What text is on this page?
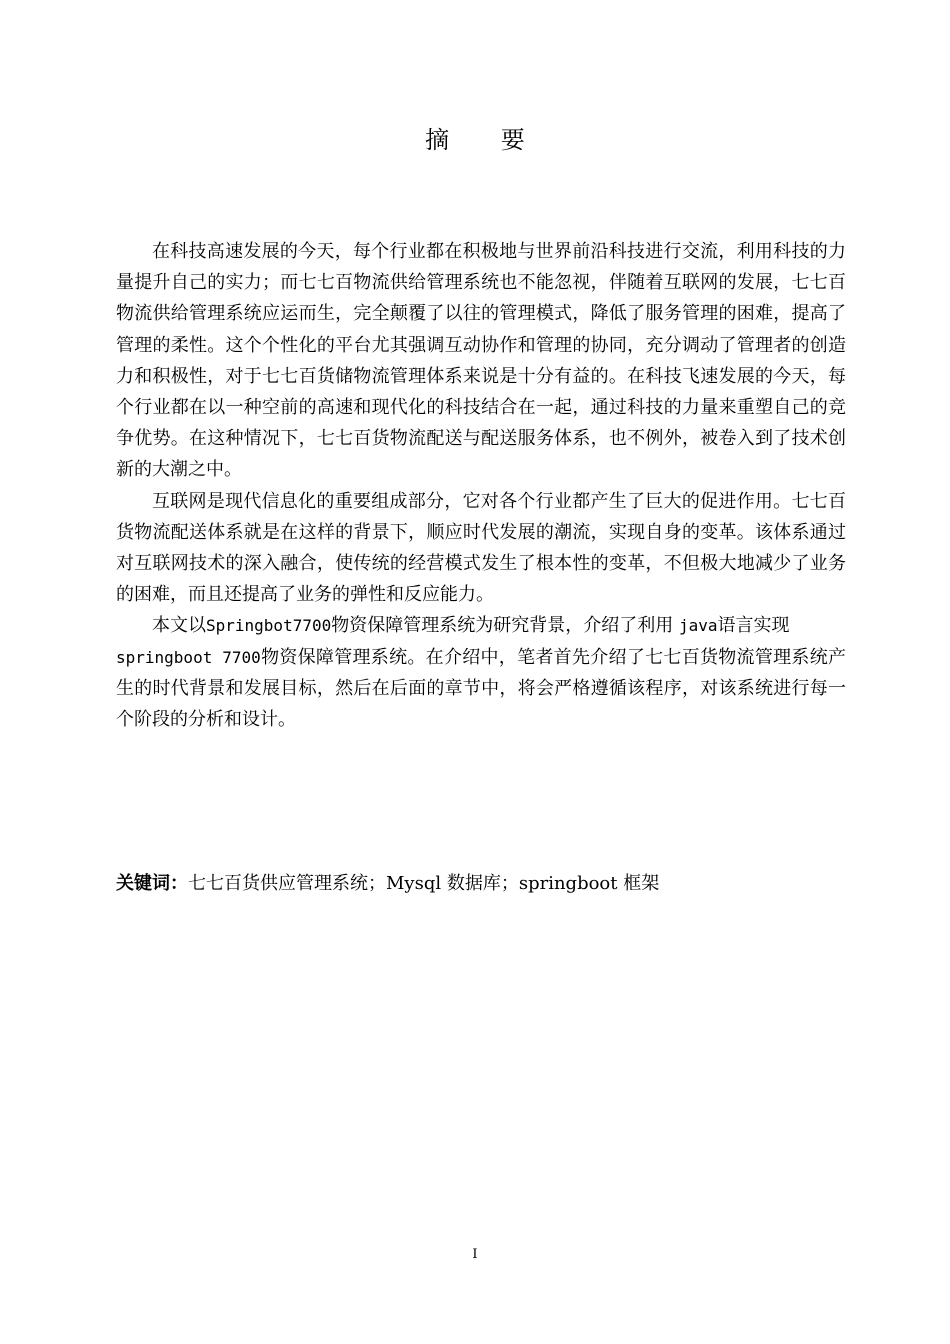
摘 要

在科技高速发展的今天，每个行业都在积极地与世界前沿科技进行交流，利用科技的力量提升自己的实力；而七七百物流供给管理系统也不能忽视，伴随着互联网的发展，七七百物流供给管理系统应运而生，完全颠覆了以往的管理模式，降低了服务管理的困难，提高了管理的柔性。这个个性化的平台尤其强调互动协作和管理的协同，充分调动了管理者的创造力和积极性，对于七七百货储物流管理体系来说是十分有益的。在科技飞速发展的今天，每个行业都在以一种空前的高速和现代化的科技结合在一起，通过科技的力量来重塑自己的竞争优势。在这种情况下，七七百货物流配送与配送服务体系，也不例外，被卷入到了技术创新的大潮之中。

互联网是现代信息化的重要组成部分，它对各个行业都产生了巨大的促进作用。七七百货物流配送体系就是在这样的背景下，顺应时代发展的潮流，实现自身的变革。该体系通过对互联网技术的深入融合，使传统的经营模式发生了根本性的变革，不但极大地减少了业务的困难，而且还提高了业务的弹性和反应能力。

本文以Springbot7700物资保障管理系统为研究背景，介绍了利用 java语言实现
springboot 7700物资保障管理系统。在介绍中，笔者首先介绍了七七百货物流管理系统产生的时代背景和发展目标，然后在后面的章节中，将会严格遵循该程序，对该系统进行每一个阶段的分析和设计。

关键词：七七百货供应管理系统；Mysql 数据库；springboot 框架

I
